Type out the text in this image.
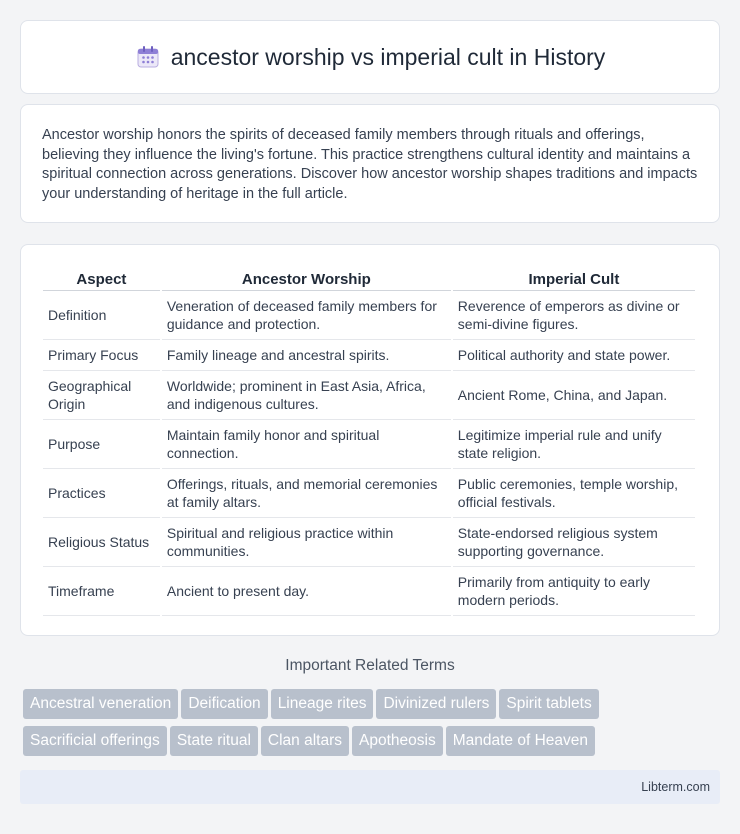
ancestor worship vs imperial cult in History

Ancestor worship honors the spirits of deceased family members through rituals and offerings, believing they influence the living's fortune. This practice strengthens cultural identity and maintains a spiritual connection across generations. Discover how ancestor worship shapes traditions and impacts your understanding of heritage in the full article.

Aspect	Ancestor Worship	Imperial Cult
Definition	Veneration of deceased family members for guidance and protection.	Reverence of emperors as divine or semi-divine figures.
Primary Focus	Family lineage and ancestral spirits.	Political authority and state power.
Geographical Origin	Worldwide; prominent in East Asia, Africa, and indigenous cultures.	Ancient Rome, China, and Japan.
Purpose	Maintain family honor and spiritual connection.	Legitimize imperial rule and unify state religion.
Practices	Offerings, rituals, and memorial ceremonies at family altars.	Public ceremonies, temple worship, official festivals.
Religious Status	Spiritual and religious practice within communities.	State-endorsed religious system supporting governance.
Timeframe	Ancient to present day.	Primarily from antiquity to early modern periods.
Important Related Terms
Ancestral veneration Deification Lineage rites Divinized rulers Spirit tablets
Sacrificial offerings State ritual Clan altars Apotheosis Mandate of Heaven
Libterm.com
